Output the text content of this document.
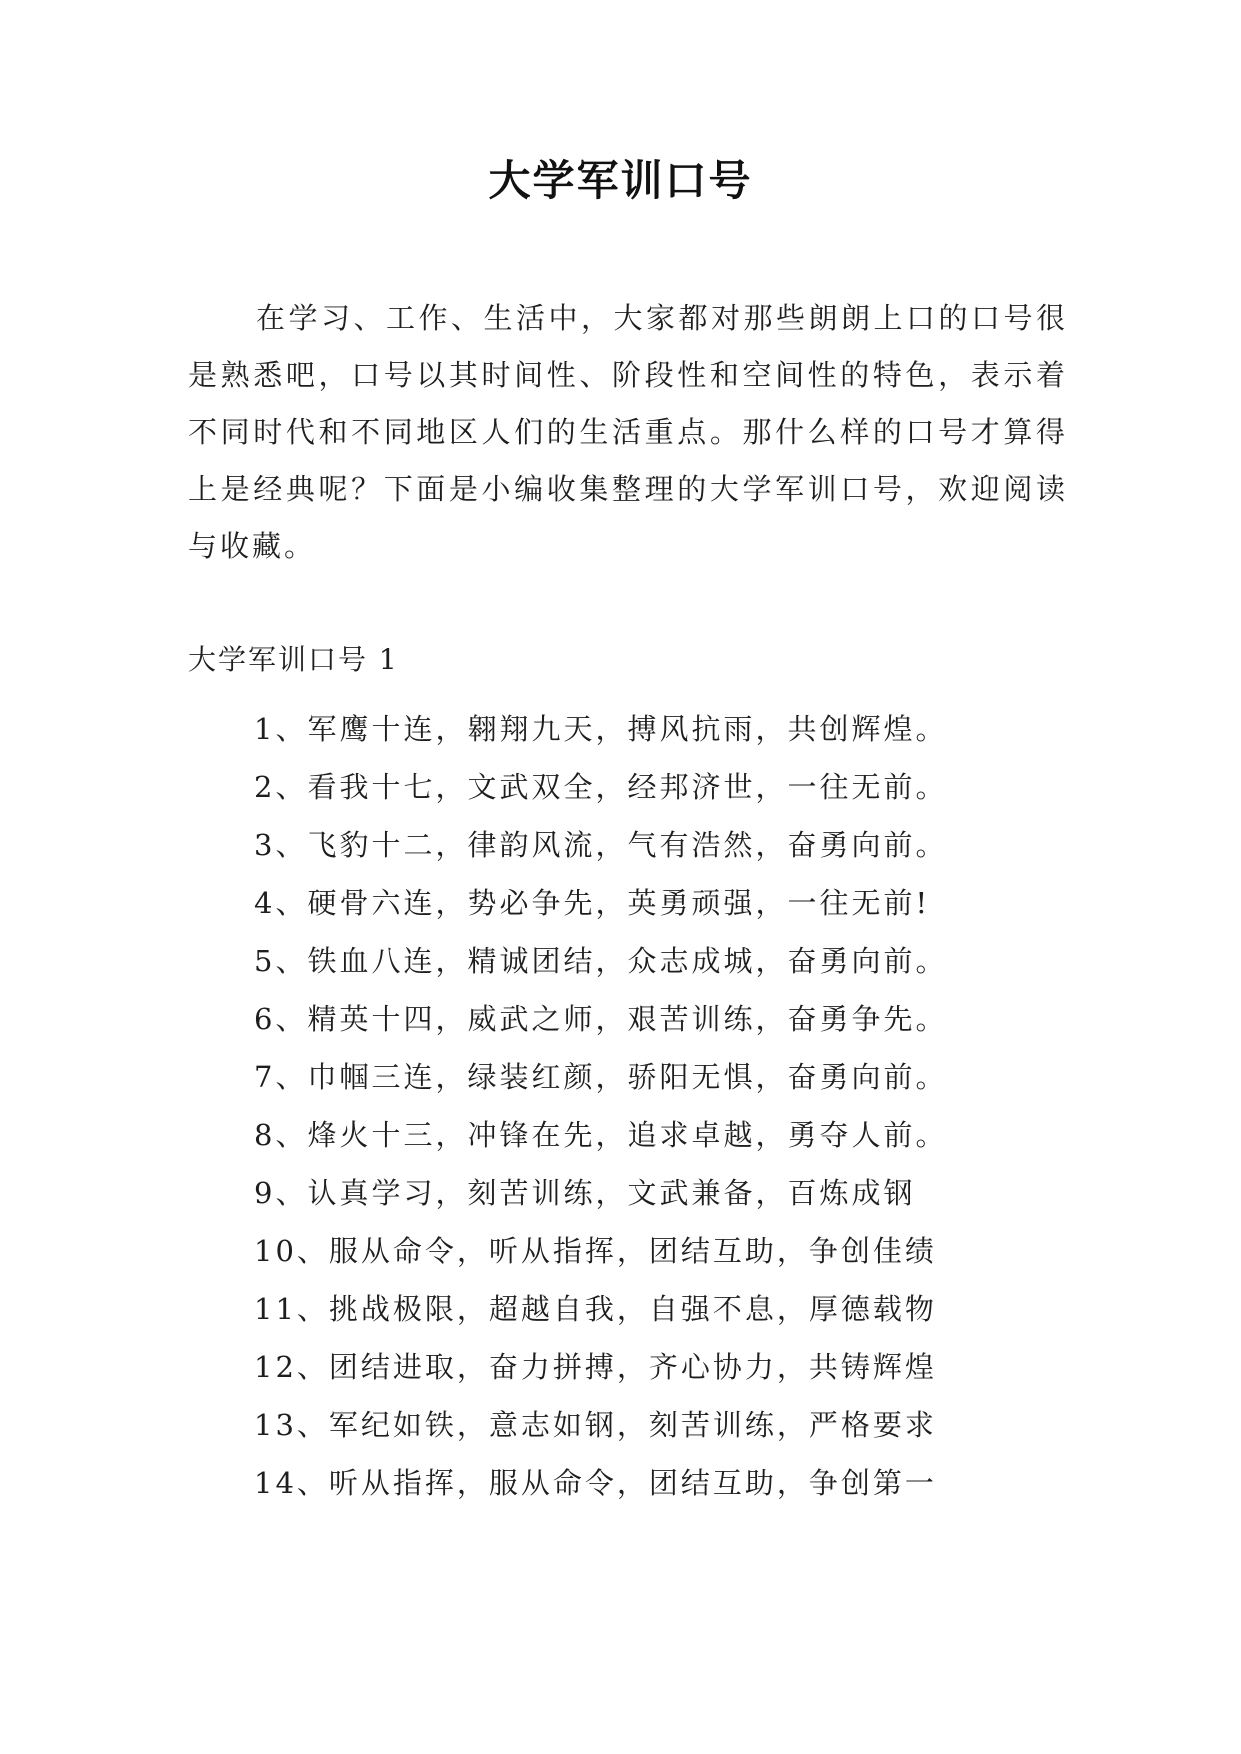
大学军训口号

在学习、工作、生活中，大家都对那些朗朗上口的口号很是熟悉吧，口号以其时间性、阶段性和空间性的特色，表示着不同时代和不同地区人们的生活重点。那什么样的口号才算得上是经典呢？下面是小编收集整理的大学军训口号，欢迎阅读与收藏。

大学军训口号 1
1、军鹰十连，翱翔九天，搏风抗雨，共创辉煌。
2、看我十七，文武双全，经邦济世，一往无前。
3、飞豹十二，律韵风流，气有浩然，奋勇向前。
4、硬骨六连，势必争先，英勇顽强，一往无前!
5、铁血八连，精诚团结，众志成城，奋勇向前。
6、精英十四，威武之师，艰苦训练，奋勇争先。
7、巾帼三连，绿装红颜，骄阳无惧，奋勇向前。
8、烽火十三，冲锋在先，追求卓越，勇夺人前。
9、认真学习，刻苦训练，文武兼备，百炼成钢
10、服从命令，听从指挥，团结互助，争创佳绩
11、挑战极限，超越自我，自强不息，厚德载物
12、团结进取，奋力拼搏，齐心协力，共铸辉煌
13、军纪如铁，意志如钢，刻苦训练，严格要求
14、听从指挥，服从命令，团结互助，争创第一
